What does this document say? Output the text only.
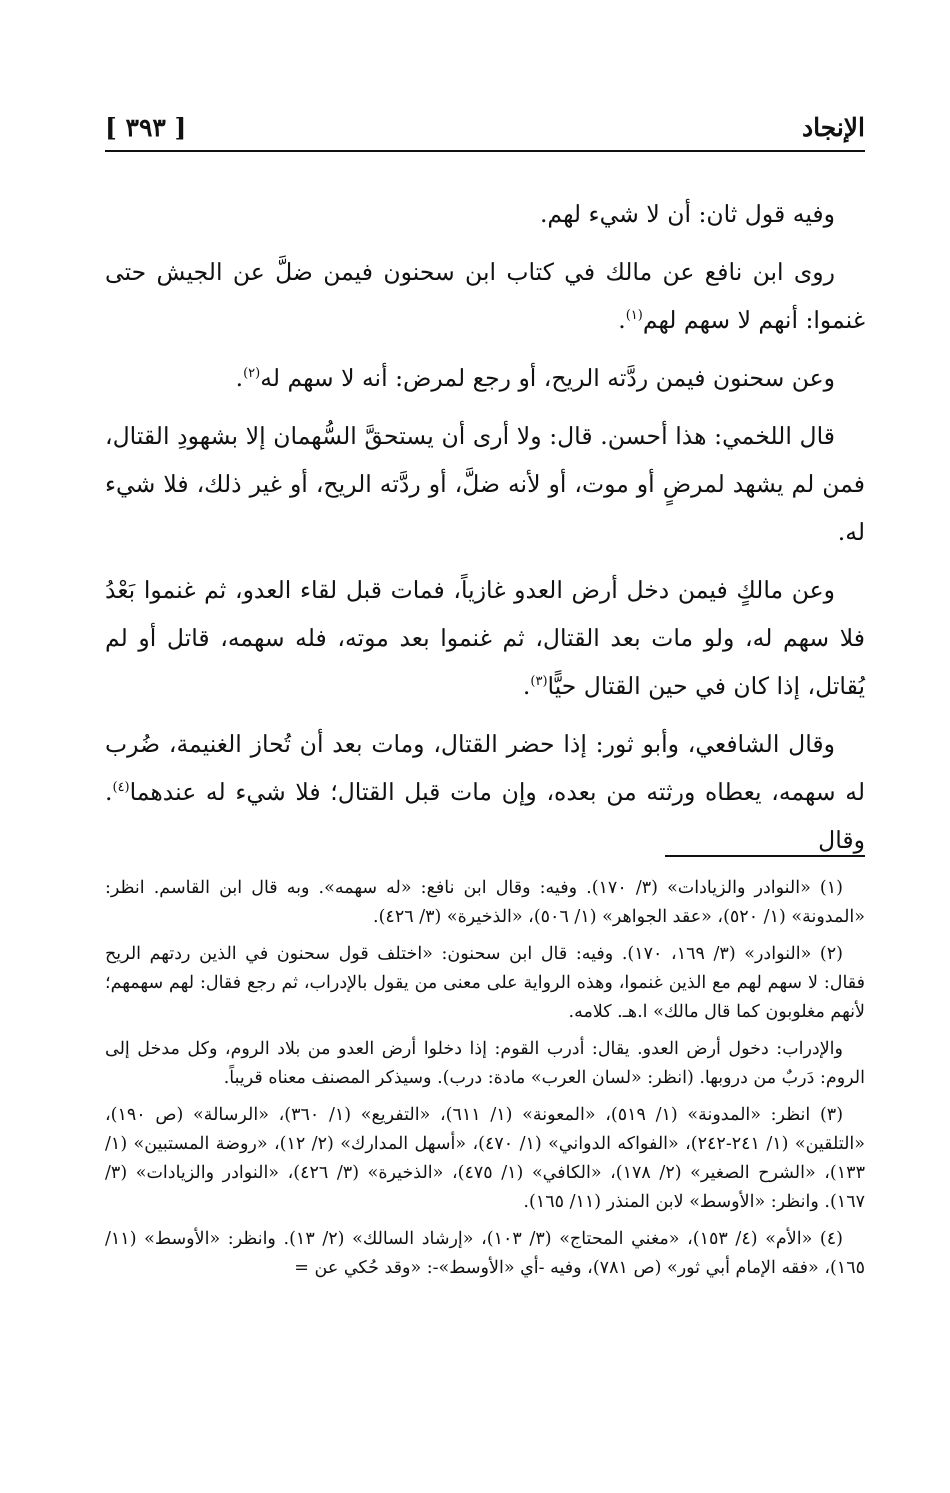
الإنجاد
[ ٣٩٣ ]

وفيه قول ثان: أن لا شيء لهم.

روى ابن نافع عن مالك في كتاب ابن سحنون فيمن ضلَّ عن الجيش حتى غنموا: أنهم لا سهم لهم$^{(١)}$.

وعن سحنون فيمن ردَّته الريح، أو رجع لمرض: أنه لا سهم له$^{(٢)}$.

قال اللخمي: هذا أحسن. قال: ولا أرى أن يستحقَّ السُّهمان إلا بشهودِ القتال، فمن لم يشهد لمرضٍ أو موت، أو لأنه ضلَّ، أو ردَّته الريح، أو غير ذلك، فلا شيء له.

وعن مالكٍ فيمن دخل أرض العدو غازياً، فمات قبل لقاء العدو، ثم غنموا بَعْدُ فلا سهم له، ولو مات بعد القتال، ثم غنموا بعد موته، فله سهمه، قاتل أو لم يُقاتل، إذا كان في حين القتال حيًّا$^{(٣)}$.

وقال الشافعي، وأبو ثور: إذا حضر القتال، ومات بعد أن تُحاز الغنيمة، ضُرب له سهمه، يعطاه ورثته من بعده، وإن مات قبل القتال؛ فلا شيء له عندهما$^{(٤)}$. وقال

(١) «النوادر والزيادات» (٣/ ١٧٠). وفيه: وقال ابن نافع: «له سهمه». وبه قال ابن القاسم. انظر: «المدونة» (١/ ٥٢٠)، «عقد الجواهر» (١/ ٥٠٦)، «الذخيرة» (٣/ ٤٢٦).

(٢) «النوادر» (٣/ ١٦٩، ١٧٠). وفيه: قال ابن سحنون: «اختلف قول سحنون في الذين ردتهم الريح فقال: لا سهم لهم مع الذين غنموا، وهذه الرواية على معنى من يقول بالإدراب، ثم رجع فقال: لهم سهمهم؛ لأنهم مغلوبون كما قال مالك» ا.هـ. كلامه.

والإدراب: دخول أرض العدو. يقال: أدرب القوم: إذا دخلوا أرض العدو من بلاد الروم، وكل مدخل إلى الروم: دَربٌ من دروبها. (انظر: «لسان العرب» مادة: درب). وسيذكر المصنف معناه قريباً.

(٣) انظر: «المدونة» (١/ ٥١٩)، «المعونة» (١/ ٦١١)، «التفريع» (١/ ٣٦٠)، «الرسالة» (ص ١٩٠)، «التلقين» (١/ ٢٤١-٢٤٢)، «الفواكه الدواني» (١/ ٤٧٠)، «أسهل المدارك» (٢/ ١٢)، «روضة المستبين» (١/ ١٣٣)، «الشرح الصغير» (٢/ ١٧٨)، «الكافي» (١/ ٤٧٥)، «الذخيرة» (٣/ ٤٢٦)، «النوادر والزيادات» (٣/ ١٦٧). وانظر: «الأوسط» لابن المنذر (١١/ ١٦٥).

(٤) «الأم» (٤/ ١٥٣)، «مغني المحتاج» (٣/ ١٠٣)، «إرشاد السالك» (٢/ ١٣). وانظر: «الأوسط» (١١/ ١٦٥)، «فقه الإمام أبي ثور» (ص ٧٨١)، وفيه -أي «الأوسط»-: «وقد حُكي عن =
